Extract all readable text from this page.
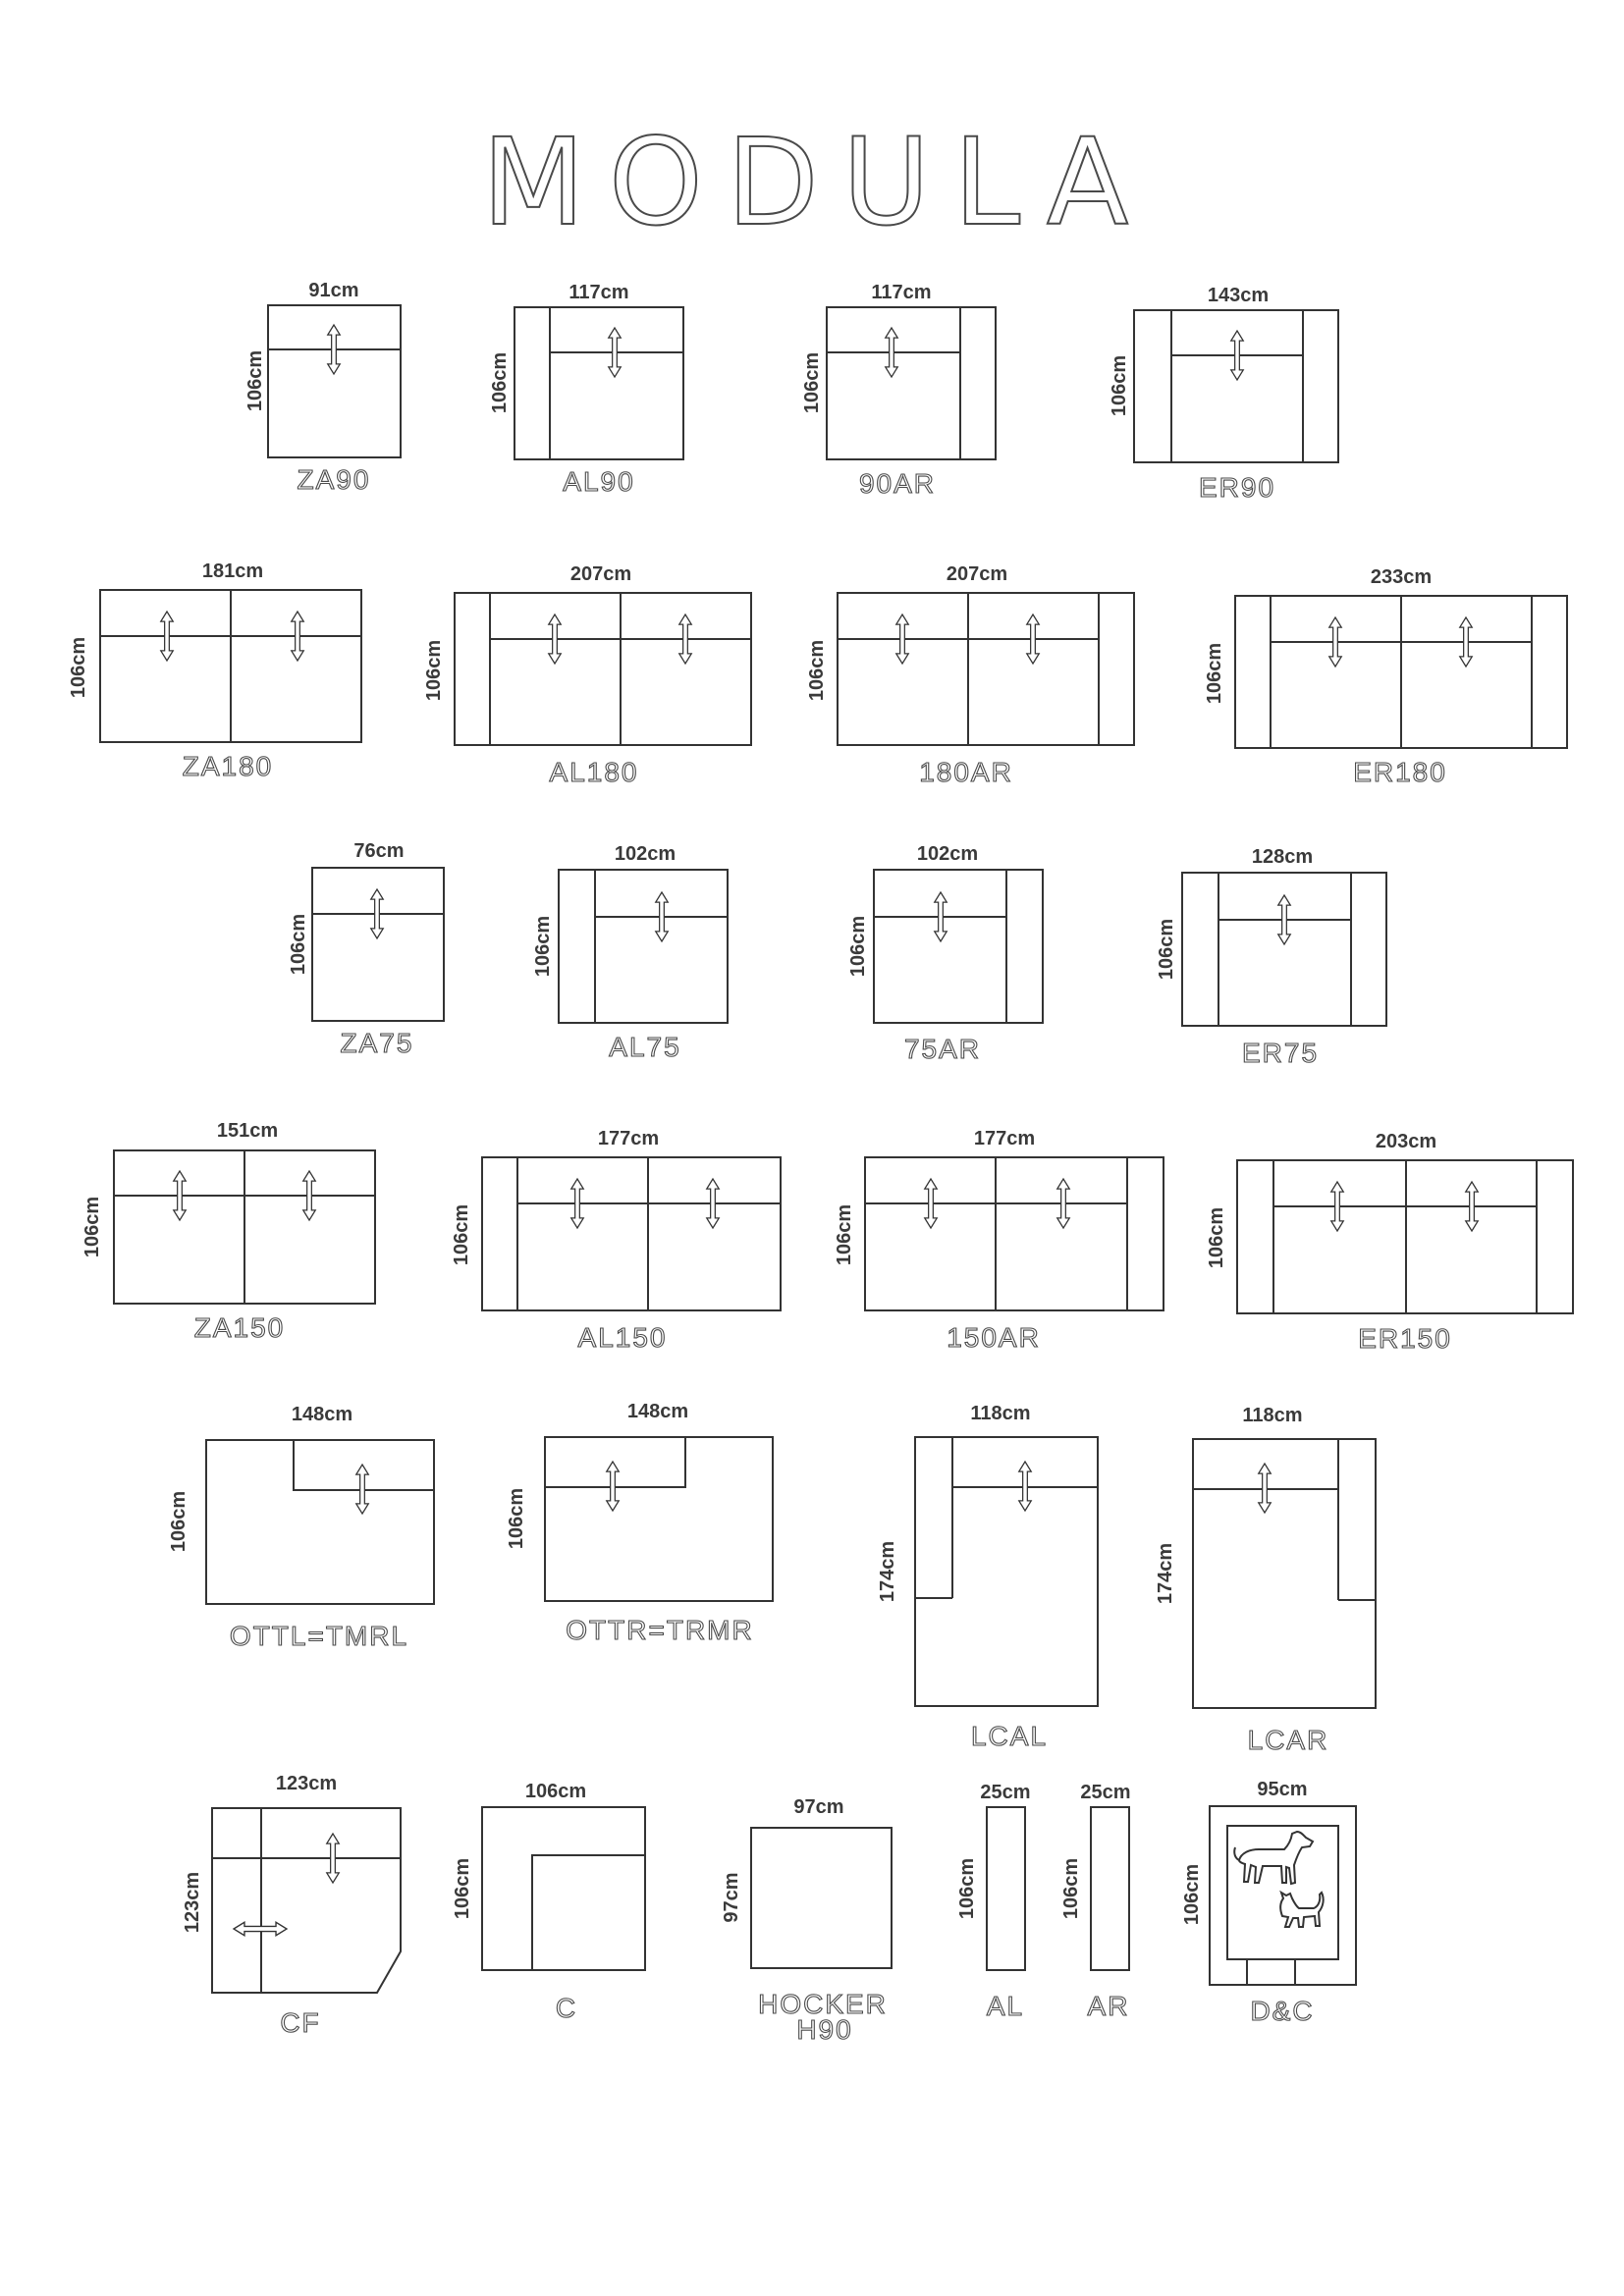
MODULA
91cm
106cm
ZA90
117cm
106cm
AL90
117cm
106cm
90AR
143cm
106cm
ER90
181cm
106cm
ZA180
207cm
106cm
AL180
207cm
106cm
180AR
233cm
106cm
ER180
76cm
106cm
ZA75
102cm
106cm
AL75
102cm
106cm
75AR
128cm
106cm
ER75
151cm
106cm
ZA150
177cm
106cm
AL150
177cm
106cm
150AR
203cm
106cm
ER150
148cm
106cm
OTTL=TMRL
148cm
106cm
OTTR=TRMR
118cm
174cm
LCAL
118cm
174cm
LCAR
123cm
123cm
CF
106cm
106cm
C
97cm
97cm
HOCKER
H90
25cm
106cm
AL
25cm
106cm
AR
95cm
106cm
D&C
